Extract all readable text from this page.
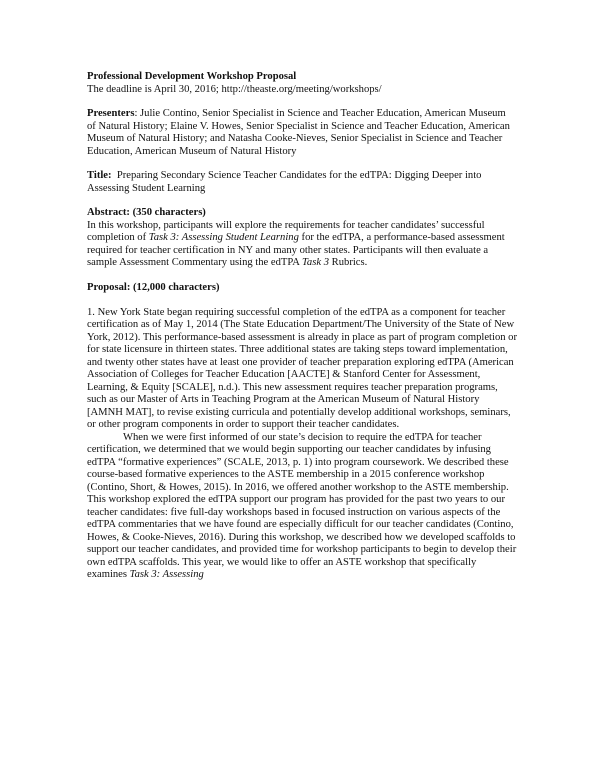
Professional Development Workshop Proposal

The deadline is April 30, 2016; http://theaste.org/meeting/workshops/

Presenters: Julie Contino, Senior Specialist in Science and Teacher Education, American Museum of Natural History; Elaine V. Howes, Senior Specialist in Science and Teacher Education, American Museum of Natural History; and Natasha Cooke-Nieves, Senior Specialist in Science and Teacher Education, American Museum of Natural History

Title: Preparing Secondary Science Teacher Candidates for the edTPA: Digging Deeper into Assessing Student Learning

Abstract: (350 characters)

In this workshop, participants will explore the requirements for teacher candidates’ successful completion of Task 3: Assessing Student Learning for the edTPA, a performance-based assessment required for teacher certification in NY and many other states. Participants will then evaluate a sample Assessment Commentary using the edTPA Task 3 Rubrics.

Proposal: (12,000 characters)

1. New York State began requiring successful completion of the edTPA as a component for teacher certification as of May 1, 2014 (The State Education Department/The University of the State of New York, 2012). This performance-based assessment is already in place as part of program completion or for state licensure in thirteen states. Three additional states are taking steps toward implementation, and twenty other states have at least one provider of teacher preparation exploring edTPA (American Association of Colleges for Teacher Education [AACTE] & Stanford Center for Assessment, Learning, & Equity [SCALE], n.d.). This new assessment requires teacher preparation programs, such as our Master of Arts in Teaching Program at the American Museum of Natural History [AMNH MAT], to revise existing curricula and potentially develop additional workshops, seminars, or other program components in order to support their teacher candidates.

When we were first informed of our state’s decision to require the edTPA for teacher certification, we determined that we would begin supporting our teacher candidates by infusing edTPA “formative experiences” (SCALE, 2013, p. 1) into program coursework. We described these course-based formative experiences to the ASTE membership in a 2015 conference workshop (Contino, Short, & Howes, 2015). In 2016, we offered another workshop to the ASTE membership. This workshop explored the edTPA support our program has provided for the past two years to our teacher candidates: five full-day workshops based in focused instruction on various aspects of the edTPA commentaries that we have found are especially difficult for our teacher candidates (Contino, Howes, & Cooke-Nieves, 2016). During this workshop, we described how we developed scaffolds to support our teacher candidates, and provided time for workshop participants to begin to develop their own edTPA scaffolds. This year, we would like to offer an ASTE workshop that specifically examines Task 3: Assessing
